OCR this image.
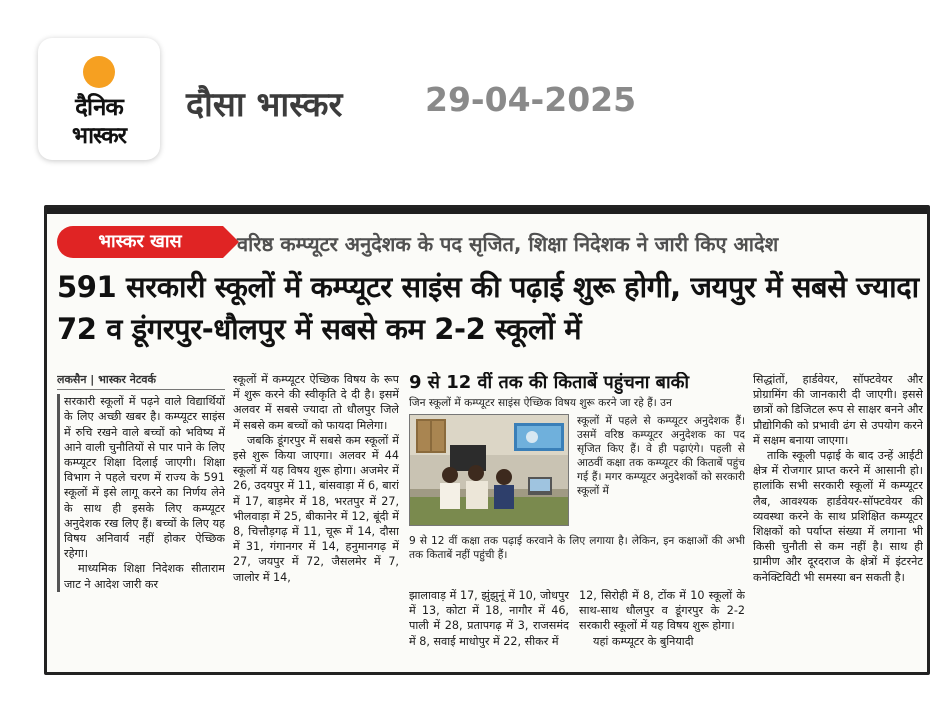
दैनिक
भास्कर
दौसा भास्कर	29-04-2025
भास्कर खास	वरिष्ठ कम्प्यूटर अनुदेशक के पद सृजित, शिक्षा निदेशक ने जारी किए आदेश
591 सरकारी स्कूलों में कम्प्यूटर साइंस की पढ़ाई शुरू होगी, जयपुर में सबसे ज्यादा 72 व डूंगरपुर-धौलपुर में सबसे कम 2-2 स्कूलों में
लकसैन | भास्कर नेटवर्क

सरकारी स्कूलों में पढ़ने वाले विद्यार्थियों के लिए अच्छी खबर है। कम्प्यूटर साइंस में रुचि रखने वाले बच्चों को भविष्य में आने वाली चुनौतियों से पार पाने के लिए कम्प्यूटर शिक्षा दिलाई जाएगी। शिक्षा विभाग ने पहले चरण में राज्य के 591 स्कूलों में इसे लागू करने का निर्णय लेने के साथ ही इसके लिए कम्प्यूटर अनुदेशक रख लिए हैं। बच्चों के लिए यह विषय अनिवार्य नहीं होकर ऐच्छिक रहेगा।

माध्यमिक शिक्षा निदेशक सीताराम जाट ने आदेश जारी कर

स्कूलों में कम्प्यूटर ऐच्छिक विषय के रूप में शुरू करने की स्वीकृति दे दी है। इसमें अलवर में सबसे ज्यादा तो धौलपुर जिले में सबसे कम बच्चों को फायदा मिलेगा।

जबकि डूंगरपुर में सबसे कम स्कूलों में इसे शुरू किया जाएगा। अलवर में 44 स्कूलों में यह विषय शुरू होगा। अजमेर में 26, उदयपुर में 11, बांसवाड़ा में 6, बारां में 17, बाड़मेर में 18, भरतपुर में 27, भीलवाड़ा में 25, बीकानेर में 12, बूंदी में 8, चित्तौड़गढ़ में 11, चूरू में 14, दौसा में 31, गंगानगर में 14, हनुमानगढ़ में 27, जयपुर में 72, जैसलमेर में 7, जालोर में 14,

9 से 12 वीं तक की किताबें पहुंचना बाकी
जिन स्कूलों में कम्प्यूटर साइंस ऐच्छिक विषय शुरू करने जा रहे हैं। उन
स्कूलों में पहले से कम्प्यूटर अनुदेशक हैं। उसमें वरिष्ठ कम्प्यूटर अनुदेशक का पद सृजित किए हैं। वे ही पढ़ाएंगे। पहली से आठवीं कक्षा तक कम्प्यूटर की किताबें पहुंच गई हैं। मगर कम्प्यूटर अनुदेशकों को सरकारी स्कूलों में
9 से 12 वीं कक्षा तक पढ़ाई करवाने के लिए लगाया है। लेकिन, इन कक्षाओं की अभी तक किताबें नहीं पहुंची हैं।
झालावाड़ में 17, झुंझुनूं में 10, जोधपुर में 13, कोटा में 18, नागौर में 46, पाली में 28, प्रतापगढ़ में 3, राजसमंद में 8, सवाई माधोपुर में 22, सीकर में

12, सिरोही में 8, टोंक में 10 स्कूलों के साथ-साथ धौलपुर व डूंगरपुर के 2-2 सरकारी स्कूलों में यह विषय शुरू होगा।

यहां कम्प्यूटर के बुनियादी

सिद्धांतों, हार्डवेयर, सॉफ्टवेयर और प्रोग्रामिंग की जानकारी दी जाएगी। इससे छात्रों को डिजिटल रूप से साक्षर बनने और प्रौद्योगिकी को प्रभावी ढंग से उपयोग करने में सक्षम बनाया जाएगा।

ताकि स्कूली पढ़ाई के बाद उन्हें आईटी क्षेत्र में रोजगार प्राप्त करने में आसानी हो। हालांकि सभी सरकारी स्कूलों में कम्प्यूटर लैब, आवश्यक हार्डवेयर-सॉफ्टवेयर की व्यवस्था करने के साथ प्रशिक्षित कम्प्यूटर शिक्षकों को पर्याप्त संख्या में लगाना भी किसी चुनौती से कम नहीं है। साथ ही ग्रामीण और दूरदराज के क्षेत्रों में इंटरनेट कनेक्टिविटी भी समस्या बन सकती है।
